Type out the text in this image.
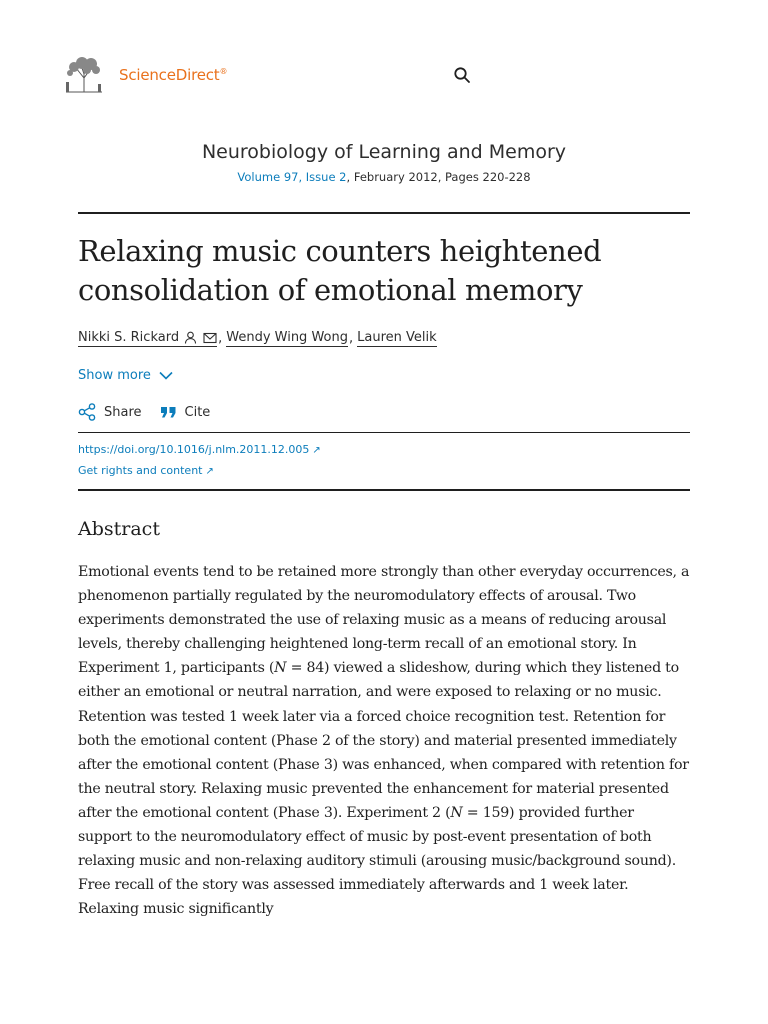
ScienceDirect®
Neurobiology of Learning and Memory
Volume 97, Issue 2, February 2012, Pages 220-228
Relaxing music counters heightened consolidation of emotional memory
Nikki S. Rickard	, Wendy Wing Wong , Lauren Velik
Show more
Share	Cite
https://doi.org/10.1016/j.nlm.2011.12.005 ↗
Get rights and content ↗
Abstract

Emotional events tend to be retained more strongly than other everyday occurrences, a phenomenon partially regulated by the neuromodulatory effects of arousal. Two experiments demonstrated the use of relaxing music as a means of reducing arousal levels, thereby challenging heightened long-term recall of an emotional story. In Experiment 1, participants (N = 84) viewed a slideshow, during which they listened to either an emotional or neutral narration, and were exposed to relaxing or no music. Retention was tested 1 week later via a forced choice recognition test. Retention for both the emotional content (Phase 2 of the story) and material presented immediately after the emotional content (Phase 3) was enhanced, when compared with retention for the neutral story. Relaxing music prevented the enhancement for material presented after the emotional content (Phase 3). Experiment 2 (N = 159) provided further support to the neuromodulatory effect of music by post-event presentation of both relaxing music and non-relaxing auditory stimuli (arousing music/background sound). Free recall of the story was assessed immediately afterwards and 1 week later. Relaxing music significantly
